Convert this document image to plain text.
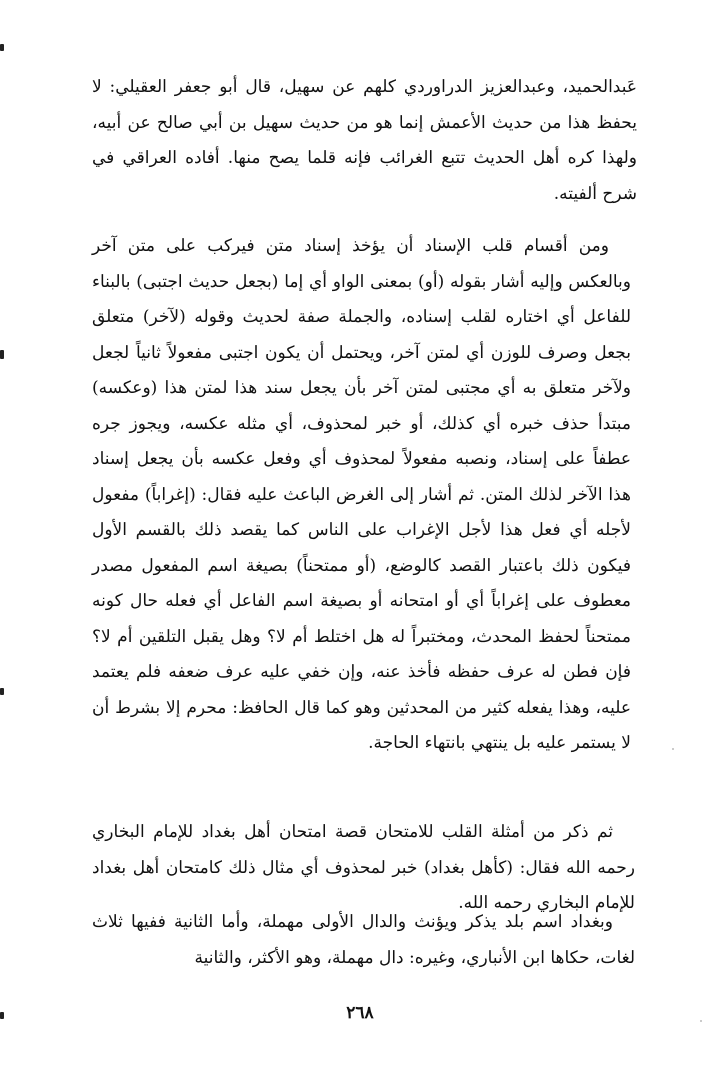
عَبدالحميد، وعبدالعزيز الدراوردي كلهم عن سهيل، قال أبو جعفر العقيلي: لا يحفظ هذا من حديث الأعمش إنما هو من حديث سهيل بن أبي صالح عن أبيه، ولهذا كره أهل الحديث تتبع الغرائب فإنه قلما يصح منها. أفاده العراقي في شرح ألفيته.

ومن أقسام قلب الإسناد أن يؤخذ إسناد متن فيركب على متن آخر وبالعكس وإليه أشار بقوله (أو) بمعنى الواو أي إما (بجعل حديث اجتبى) بالبناء للفاعل أي اختاره لقلب إسناده، والجملة صفة لحديث وقوله (لآخر) متعلق بجعل وصرف للوزن أي لمتن آخر، ويحتمل أن يكون اجتبى مفعولاً ثانياً لجعل ولآخر متعلق به أي مجتبى لمتن آخر بأن يجعل سند هذا لمتن هذا (وعكسه) مبتدأ حذف خبره أي كذلك، أو خبر لمحذوف، أي مثله عكسه، ويجوز جره عطفاً على إسناد، ونصبه مفعولاً لمحذوف أي وفعل عكسه بأن يجعل إسناد هذا الآخر لذلك المتن. ثم أشار إلى الغرض الباعث عليه فقال: (إغراباً) مفعول لأجله أي فعل هذا لأجل الإغراب على الناس كما يقصد ذلك بالقسم الأول فيكون ذلك باعتبار القصد كالوضع، (أو ممتحناً) بصيغة اسم المفعول مصدر معطوف على إغراباً أي أو امتحانه أو بصيغة اسم الفاعل أي فعله حال كونه ممتحناً لحفظ المحدث، ومختبراً له هل اختلط أم لا؟ وهل يقبل التلقين أم لا؟ فإن فطن له عرف حفظه فأخذ عنه، وإن خفي عليه عرف ضعفه فلم يعتمد عليه، وهذا يفعله كثير من المحدثين وهو كما قال الحافظ: محرم إلا بشرط أن لا يستمر عليه بل ينتهي بانتهاء الحاجة.

ثم ذكر من أمثلة القلب للامتحان قصة امتحان أهل بغداد للإمام البخاري رحمه الله فقال: (كأهل بغداد) خبر لمحذوف أي مثال ذلك كامتحان أهل بغداد للإمام البخاري رحمه الله.

وبغداد اسم بلد يذكر ويؤنث والدال الأولى مهملة، وأما الثانية ففيها ثلاث لغات، حكاها ابن الأنباري، وغيره: دال مهملة، وهو الأكثر، والثانية

٢٦٨
